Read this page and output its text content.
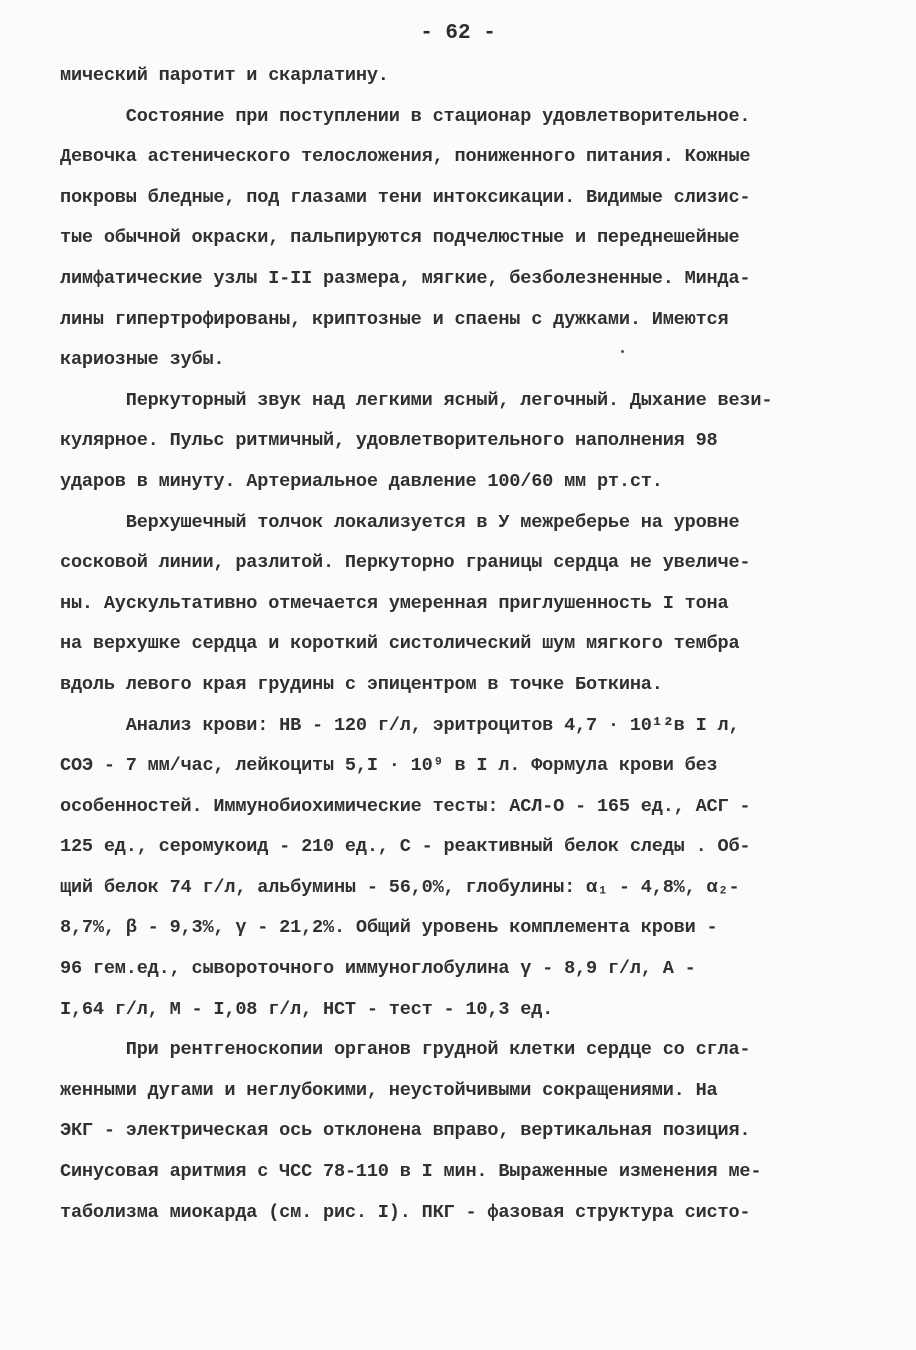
- 62 -
мический паротит и скарлатину.
Состояние при поступлении в стационар удовлетворительное.
Девочка астенического телосложения, пониженного питания. Кожные
покровы бледные, под глазами тени интоксикации. Видимые слизис-
тые обычной окраски, пальпируются подчелюстные и переднешейные
лимфатические узлы I-II размера, мягкие, безболезненные. Минда-
лины гипертрофированы, криптозные и спаены с дужками. Имеются
кариозные зубы.
Перкуторный звук над легкими ясный, легочный. Дыхание вези-
кулярное. Пульс ритмичный, удовлетворительного наполнения 98
ударов в минуту. Артериальное давление 100/60 мм рт.ст.
Верхушечный толчок локализуется в У межреберье на уровне
сосковой линии, разлитой. Перкуторно границы сердца не увеличе-
ны. Аускультативно отмечается умеренная приглушенность I тона
на верхушке сердца и короткий систолический шум мягкого тембра
вдоль левого края грудины с эпицентром в точке Боткина.
Анализ крови: НВ - 120 г/л, эритроцитов 4,7 · 10¹²в I л,
СОЭ - 7 мм/час, лейкоциты 5,I · 10⁹ в I л. Формула крови без
особенностей. Иммунобиохимические тесты: АСЛ-О - 165 ед., АСГ -
125 ед., серомукоид - 210 ед., С - реактивный белок следы . Об-
щий белок 74 г/л, альбумины - 56,0%, глобулины: α₁ - 4,8%, α₂-
8,7%, β - 9,3%, γ - 21,2%. Общий уровень комплемента крови -
96 гем.ед., сывороточного иммуноглобулина γ - 8,9 г/л, А -
I,64 г/л, М - I,08 г/л, НСТ - тест - 10,3 ед.
При рентгеноскопии органов грудной клетки сердце со сгла-
женными дугами и неглубокими, неустойчивыми сокращениями. На
ЭКГ - электрическая ось отклонена вправо, вертикальная позиция.
Синусовая аритмия с ЧСС 78-110 в I мин. Выраженные изменения ме-
таболизма миокарда (см. рис. I). ПКГ - фазовая структура систо-
